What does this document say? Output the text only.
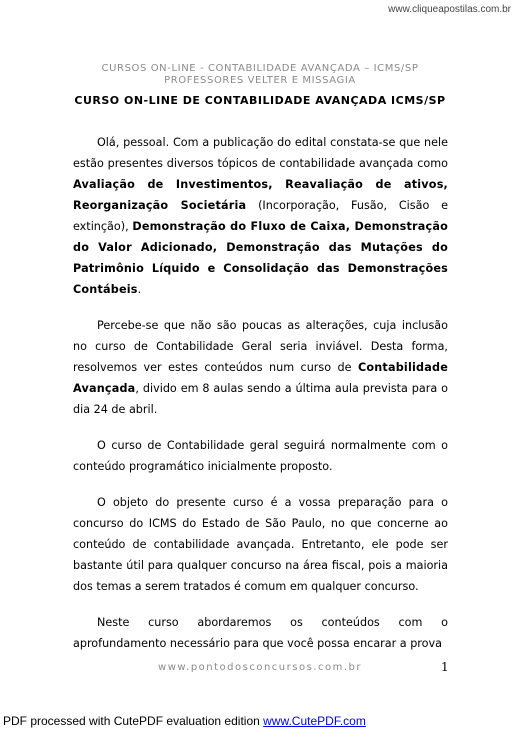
www.cliqueapostilas.com.br
CURSOS ON-LINE - CONTABILIDADE AVANÇADA – ICMS/SP
PROFESSORES VELTER E MISSAGIA
CURSO ON-LINE DE CONTABILIDADE AVANÇADA ICMS/SP

Olá, pessoal. Com a publicação do edital constata-se que nele estão presentes diversos tópicos de contabilidade avançada como Avaliação de Investimentos, Reavaliação de ativos, Reorganização Societária (Incorporação, Fusão, Cisão e extinção), Demonstração do Fluxo de Caixa, Demonstração do Valor Adicionado, Demonstração das Mutações do Patrimônio Líquido e Consolidação das Demonstrações Contábeis.

Percebe-se que não são poucas as alterações, cuja inclusão no curso de Contabilidade Geral seria inviável. Desta forma, resolvemos ver estes conteúdos num curso de Contabilidade Avançada, divido em 8 aulas sendo a última aula prevista para o dia 24 de abril.

O curso de Contabilidade geral seguirá normalmente com o conteúdo programático inicialmente proposto.

O objeto do presente curso é a vossa preparação para o concurso do ICMS do Estado de São Paulo, no que concerne ao conteúdo de contabilidade avançada. Entretanto, ele pode ser bastante útil para qualquer concurso na área fiscal, pois a maioria dos temas a serem tratados é comum em qualquer concurso.

Neste curso abordaremos os conteúdos com o aprofundamento necessário para que você possa encarar a prova

www.pontodosconcursos.com.br	1
PDF processed with CutePDF evaluation edition www.CutePDF.com
